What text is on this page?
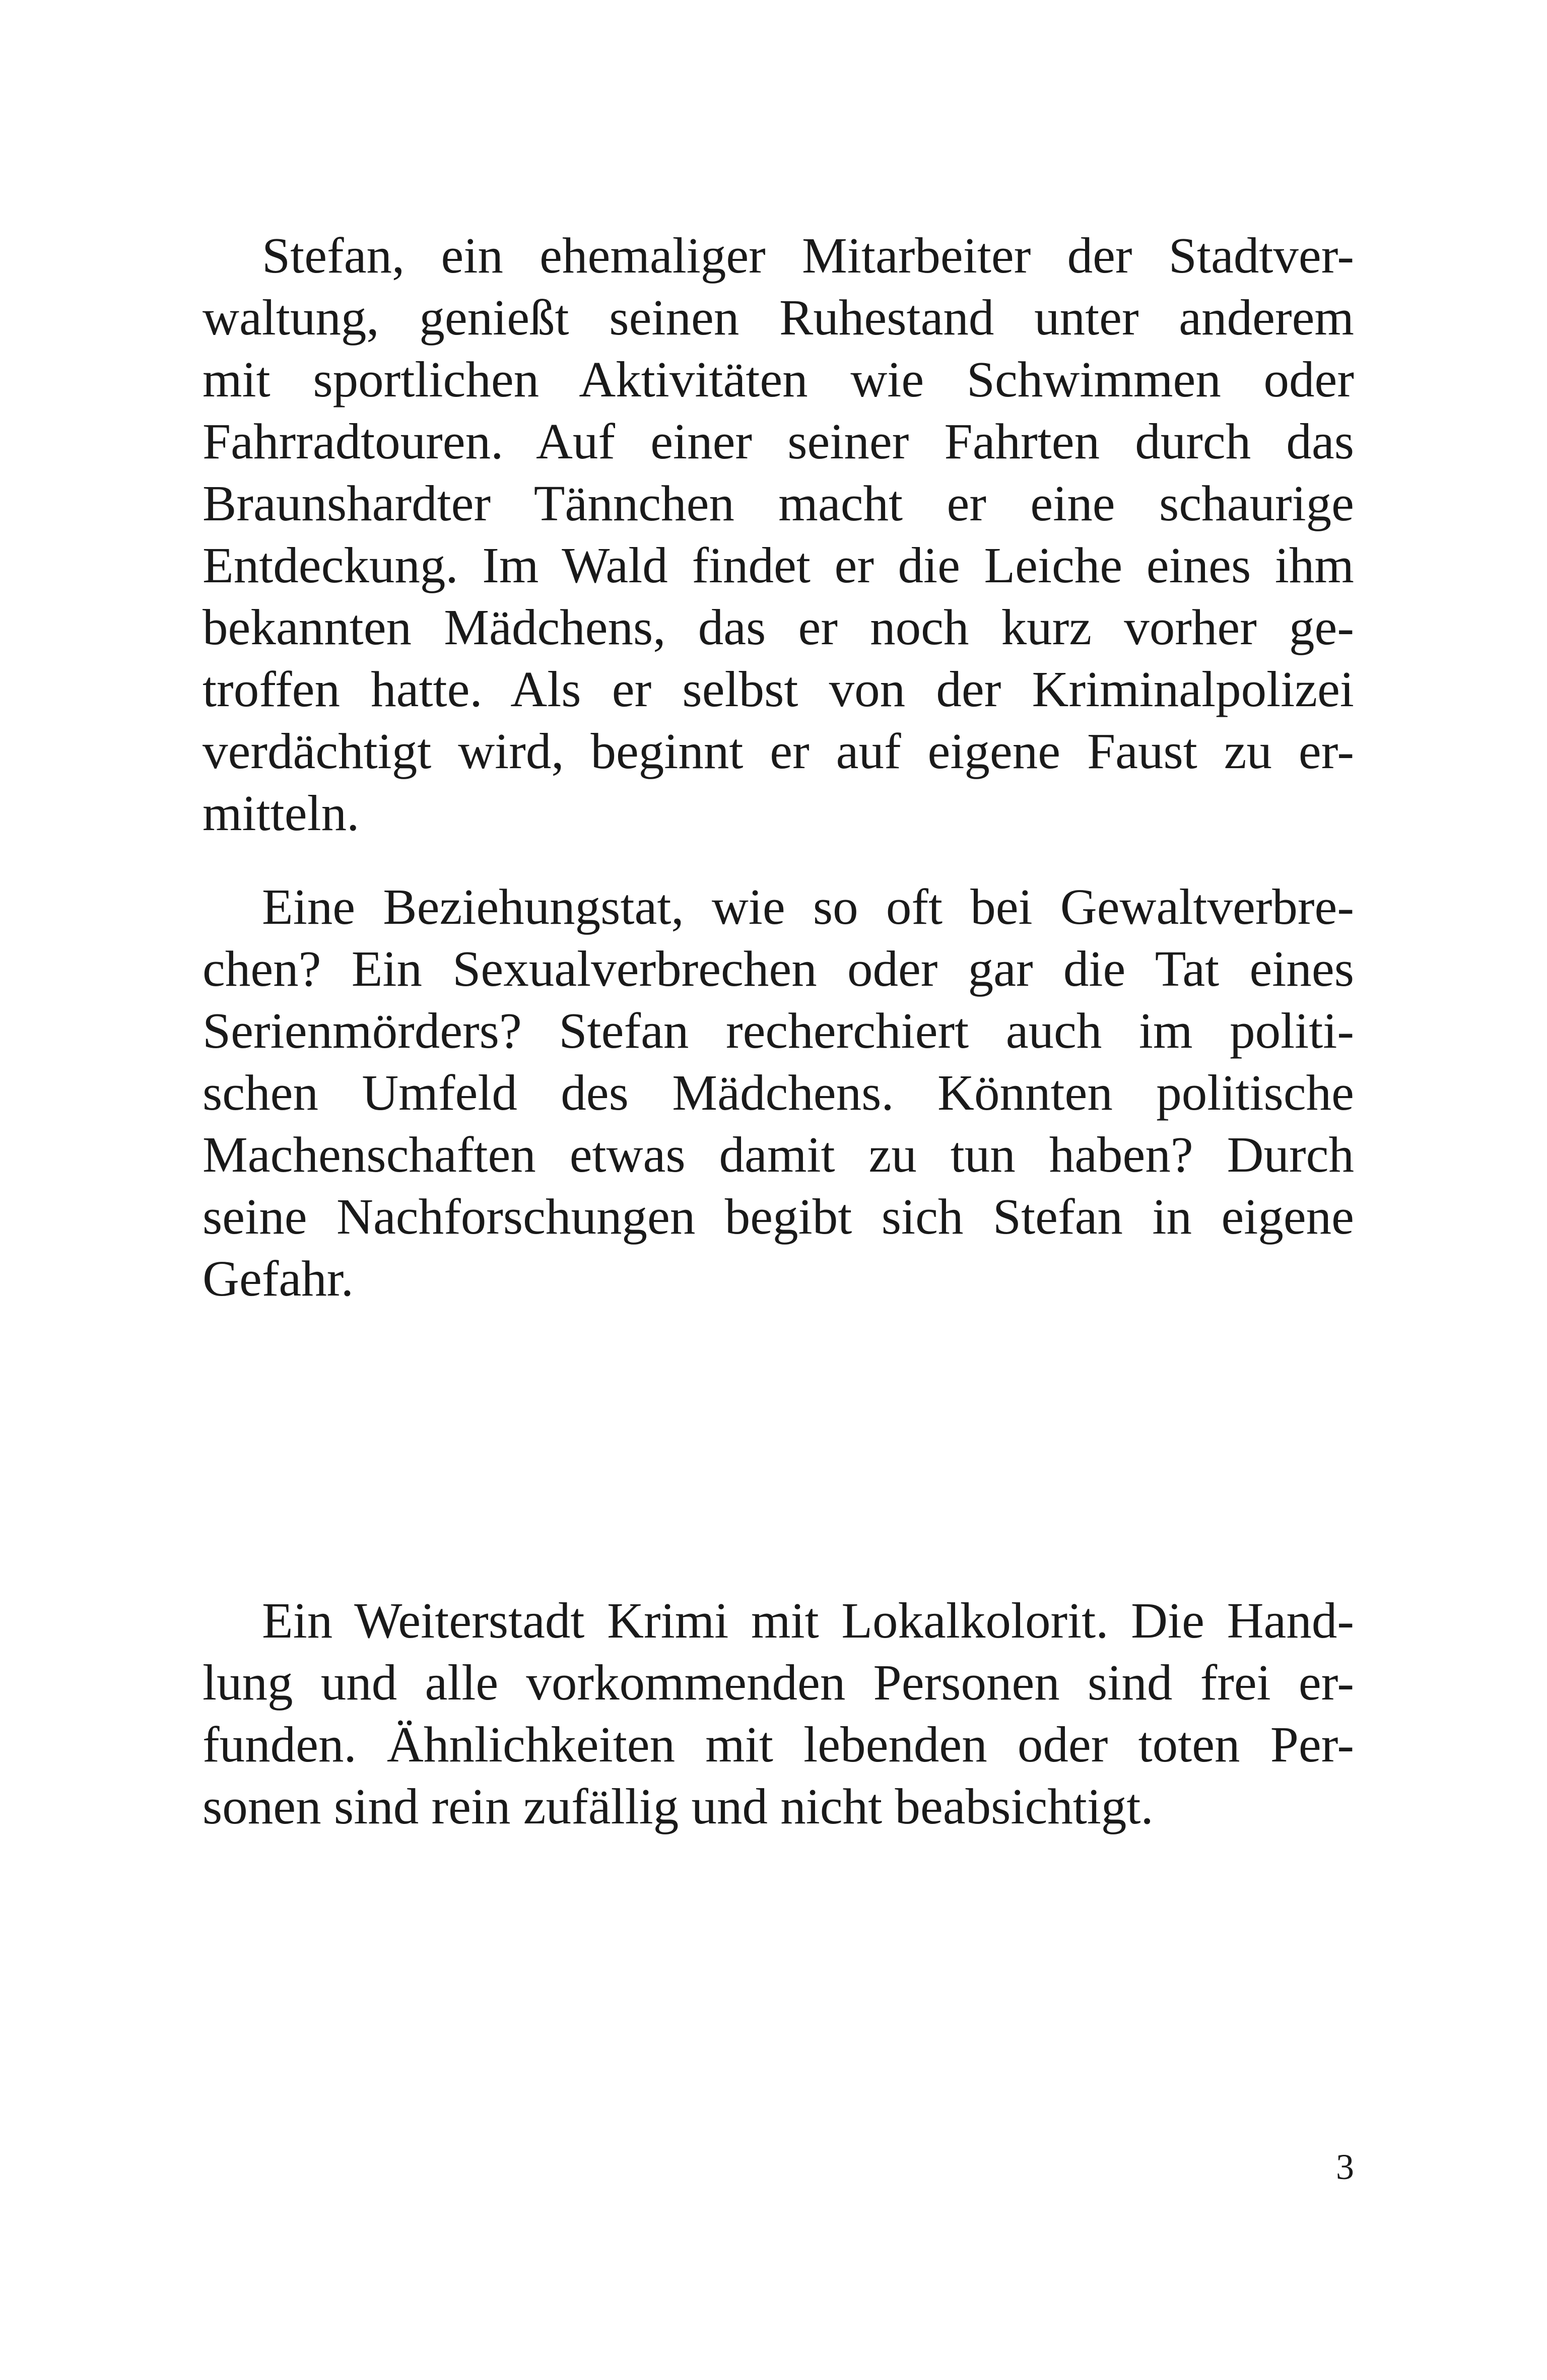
Stefan, ein ehemaliger Mitarbeiter der Stadtver-
waltung, genießt seinen Ruhestand unter anderem
mit sportlichen Aktivitäten wie Schwimmen oder
Fahrradtouren. Auf einer seiner Fahrten durch das
Braunshardter Tännchen macht er eine schaurige
Entdeckung. Im Wald findet er die Leiche eines ihm
bekannten Mädchens, das er noch kurz vorher ge-
troffen hatte. Als er selbst von der Kriminalpolizei
verdächtigt wird, beginnt er auf eigene Faust zu er-
mitteln.
Eine Beziehungstat, wie so oft bei Gewaltverbre-
chen? Ein Sexualverbrechen oder gar die Tat eines
Serienmörders? Stefan recherchiert auch im politi-
schen Umfeld des Mädchens. Könnten politische
Machenschaften etwas damit zu tun haben? Durch
seine Nachforschungen begibt sich Stefan in eigene
Gefahr.
Ein Weiterstadt Krimi mit Lokalkolorit. Die Hand-
lung und alle vorkommenden Personen sind frei er-
funden. Ähnlichkeiten mit lebenden oder toten Per-
sonen sind rein zufällig und nicht beabsichtigt.
3
